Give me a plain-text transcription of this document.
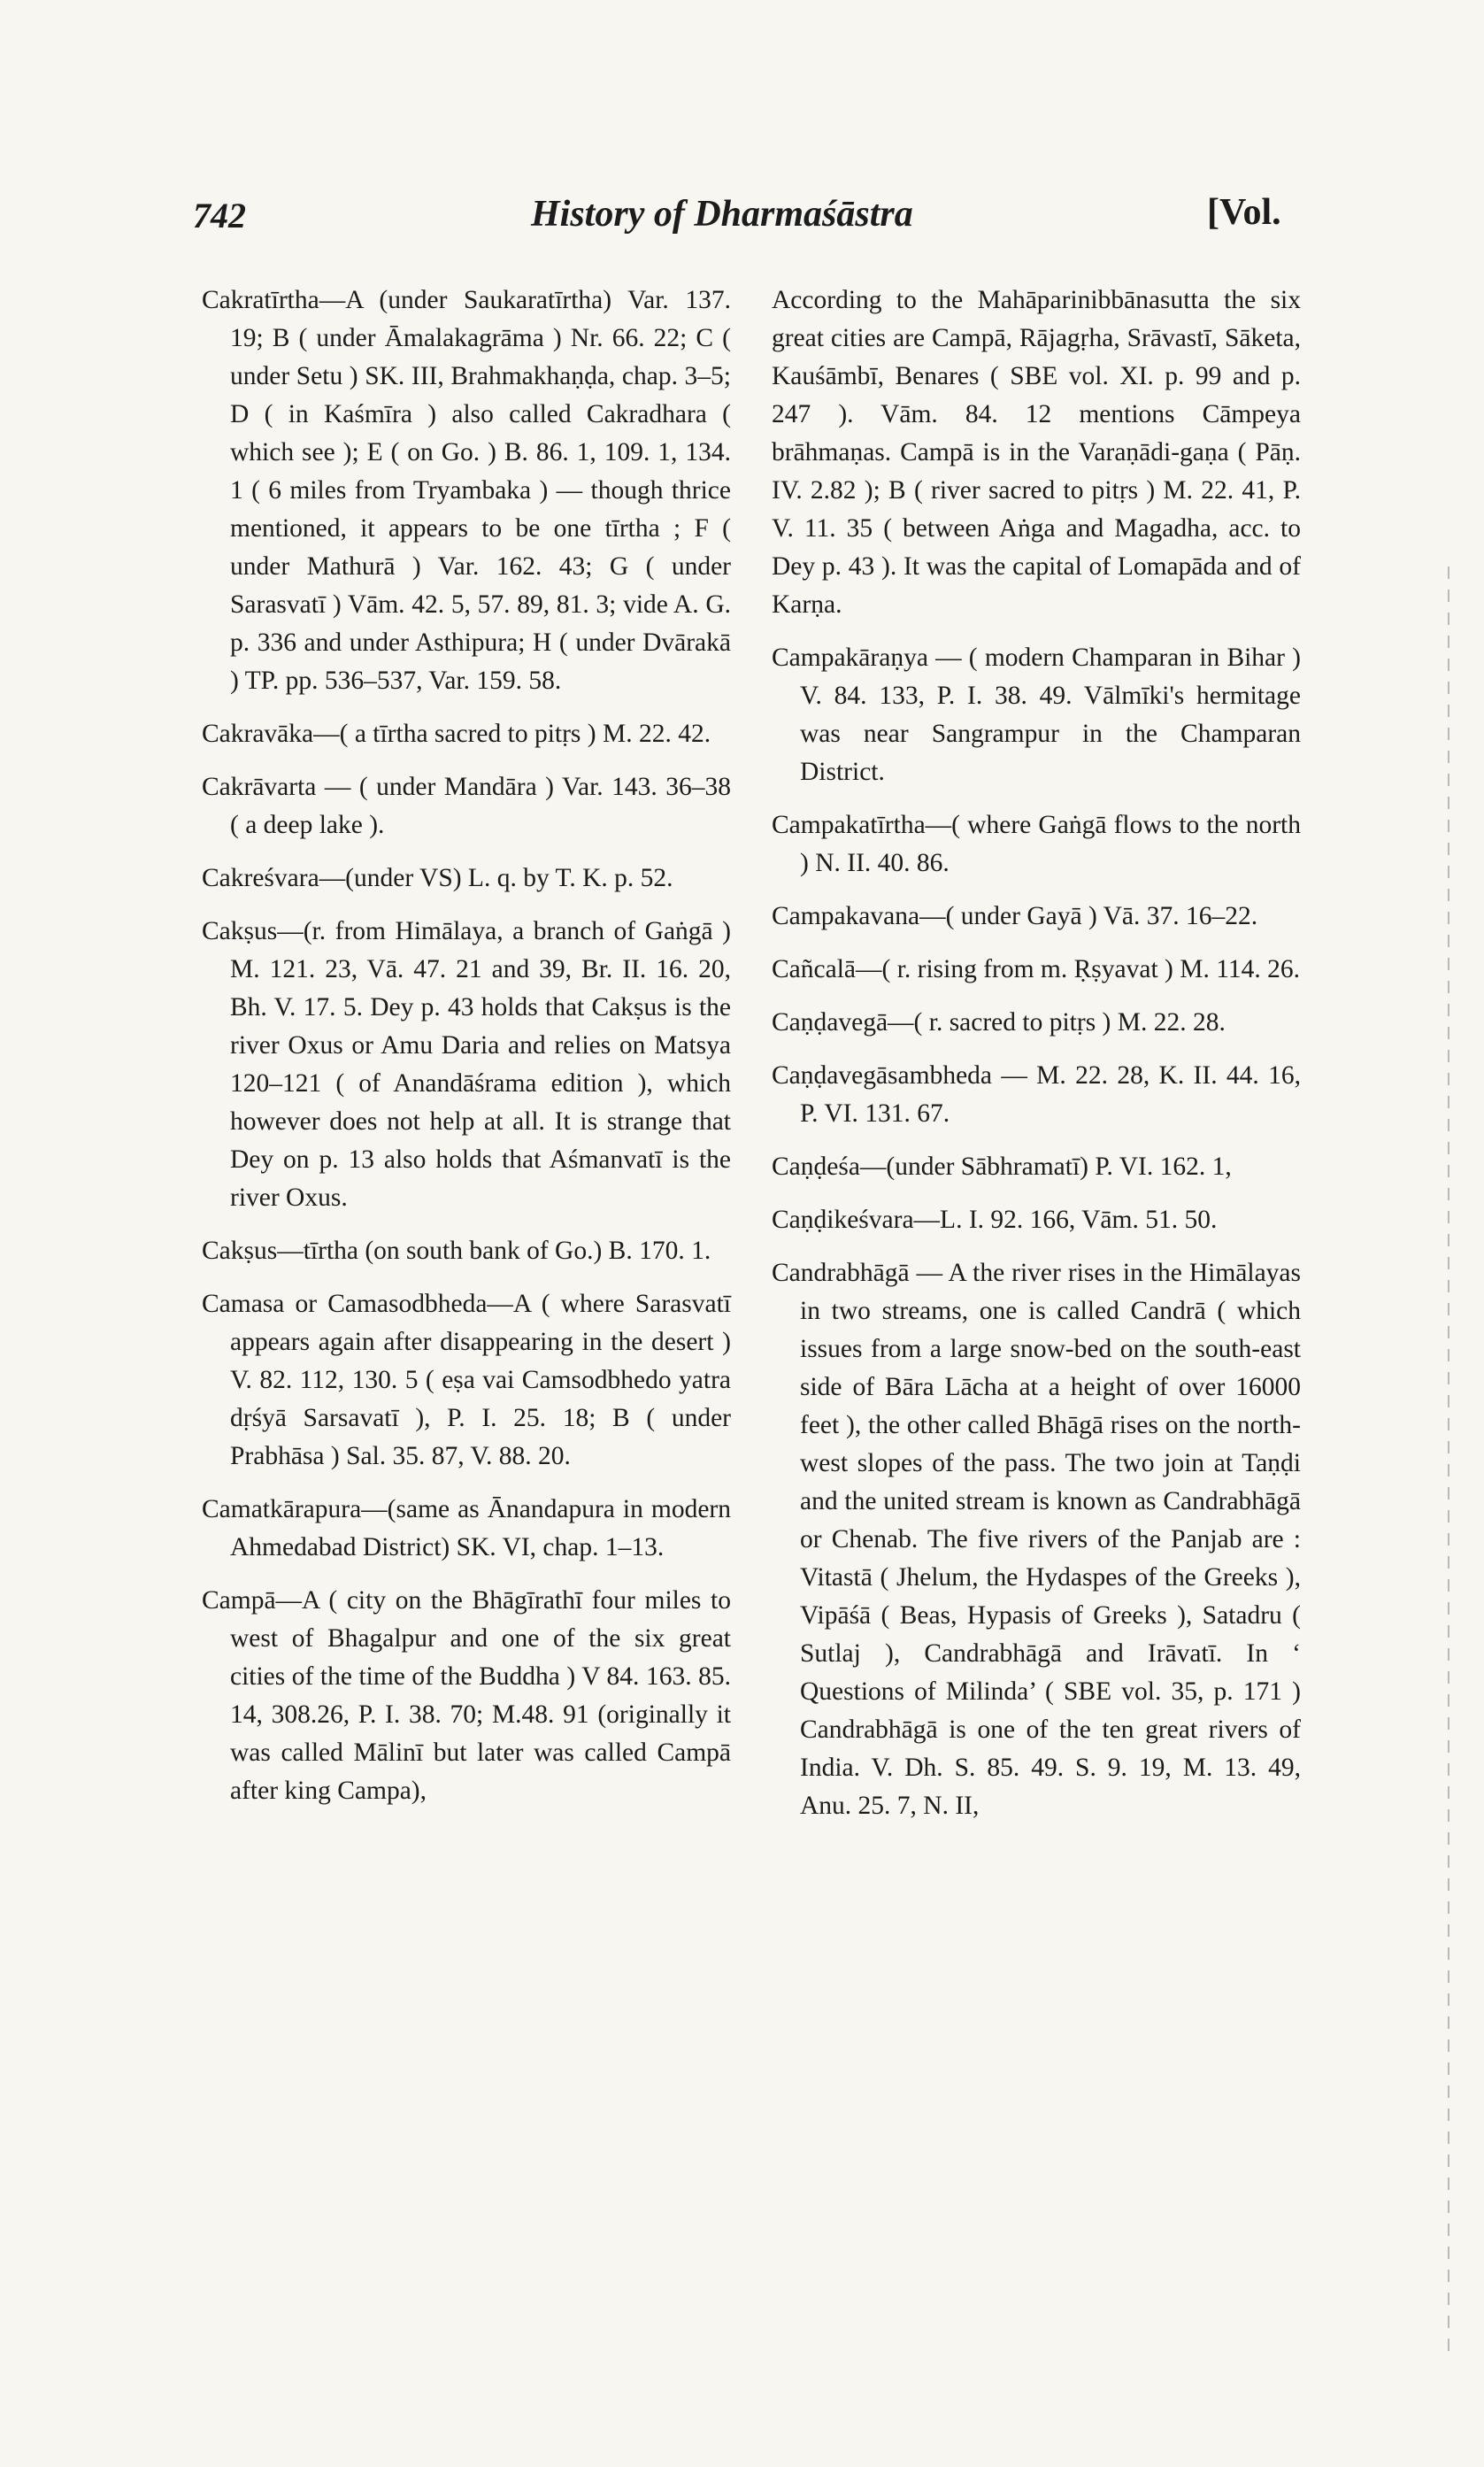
742	History of Dharmaśāstra	[Vol.

Cakratīrtha—A (under Saukaratīrtha) Var. 137. 19; B ( under Āmalakagrāma ) Nr. 66. 22; C ( under Setu ) SK. III, Brahmakhaṇḍa, chap. 3–5; D ( in Kaśmīra ) also called Cakradhara ( which see ); E ( on Go. ) B. 86. 1, 109. 1, 134. 1 ( 6 miles from Tryambaka ) — though thrice mentioned, it appears to be one tīrtha ; F ( under Mathurā ) Var. 162. 43; G ( under Sarasvatī ) Vām. 42. 5, 57. 89, 81. 3; vide A. G. p. 336 and under Asthipura; H ( under Dvārakā ) TP. pp. 536–537, Var. 159. 58.

Cakravāka—( a tīrtha sacred to pitṛs ) M. 22. 42.

Cakrāvarta — ( under Mandāra ) Var. 143. 36–38 ( a deep lake ).

Cakreśvara—(under VS) L. q. by T. K. p. 52.

Cakṣus—(r. from Himālaya, a branch of Gaṅgā ) M. 121. 23, Vā. 47. 21 and 39, Br. II. 16. 20, Bh. V. 17. 5. Dey p. 43 holds that Cakṣus is the river Oxus or Amu Daria and relies on Matsya 120–121 ( of Anandāśrama edition ), which however does not help at all. It is strange that Dey on p. 13 also holds that Aśmanvatī is the river Oxus.

Cakṣus—tīrtha (on south bank of Go.) B. 170. 1.

Camasa or Camasodbheda—A ( where Sarasvatī appears again after disappearing in the desert ) V. 82. 112, 130. 5 ( eṣa vai Camsodbhedo yatra dṛśyā Sarsavatī ), P. I. 25. 18; B ( under Prabhāsa ) Sal. 35. 87, V. 88. 20.

Camatkārapura—(same as Ānandapura in modern Ahmedabad District) SK. VI, chap. 1–13.

Campā—A ( city on the Bhāgīrathī four miles to west of Bhagalpur and one of the six great cities of the time of the Buddha ) V 84. 163. 85. 14, 308.26, P. I. 38. 70; M.48. 91 (originally it was called Mālinī but later was called Campā after king Campa),

According to the Mahāparinibbānasutta the six great cities are Campā, Rājagṛha, Srāvastī, Sāketa, Kauśāmbī, Benares ( SBE vol. XI. p. 99 and p. 247 ). Vām. 84. 12 mentions Cāmpeya brāhmaṇas. Campā is in the Varaṇādi-gaṇa ( Pāṇ. IV. 2.82 ); B ( river sacred to pitṛs ) M. 22. 41, P. V. 11. 35 ( between Aṅga and Magadha, acc. to Dey p. 43 ). It was the capital of Lomapāda and of Karṇa.

Campakāraṇya — ( modern Champaran in Bihar ) V. 84. 133, P. I. 38. 49. Vālmīki's hermitage was near Sangrampur in the Champaran District.

Campakatīrtha—( where Gaṅgā flows to the north ) N. II. 40. 86.

Campakavana—( under Gayā ) Vā. 37. 16–22.

Cañcalā—( r. rising from m. Ṛṣyavat ) M. 114. 26.

Caṇḍavegā—( r. sacred to pitṛs ) M. 22. 28.

Caṇḍavegāsambheda — M. 22. 28, K. II. 44. 16, P. VI. 131. 67.

Caṇḍeśa—(under Sābhramatī) P. VI. 162. 1,

Caṇḍikeśvara—L. I. 92. 166, Vām. 51. 50.

Candrabhāgā — A the river rises in the Himālayas in two streams, one is called Candrā ( which issues from a large snow-bed on the south-east side of Bāra Lācha at a height of over 16000 feet ), the other called Bhāgā rises on the north-west slopes of the pass. The two join at Taṇḍi and the united stream is known as Candrabhāgā or Chenab. The five rivers of the Panjab are : Vitastā ( Jhelum, the Hydaspes of the Greeks ), Vipāśā ( Beas, Hypasis of Greeks ), Satadru ( Sutlaj ), Candrabhāgā and Irāvatī. In ‘ Questions of Milinda’ ( SBE vol. 35, p. 171 ) Candrabhāgā is one of the ten great rivers of India. V. Dh. S. 85. 49. S. 9. 19, M. 13. 49, Anu. 25. 7, N. II,
